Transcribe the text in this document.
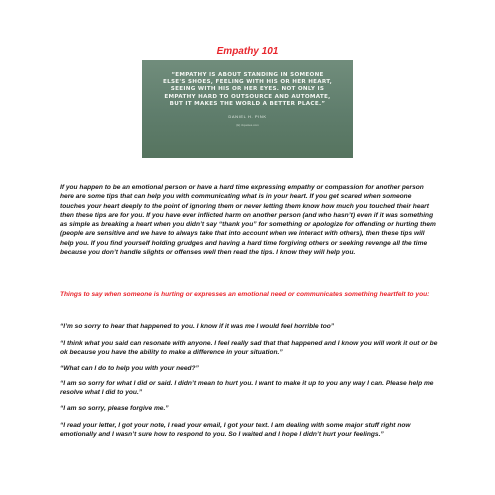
Empathy 101
“EMPATHY IS ABOUT STANDING IN SOMEONE ELSE'S SHOES, FEELING WITH HIS OR HER HEART, SEEING WITH HIS OR HER EYES. NOT ONLY IS EMPATHY HARD TO OUTSOURCE AND AUTOMATE, BUT IT MAKES THE WORLD A BETTER PLACE.”
DANIEL H. PINK
(E) izquotes.com
If you happen to be an emotional person or have a hard time expressing empathy or compassion for another person here are some tips that can help you with communicating what is in your heart. If you get scared when someone touches your heart deeply to the point of ignoring them or never letting them know how much you touched their heart then these tips are for you. If you have ever inflicted harm on another person (and who hasn’t) even if it was something as simple as breaking a heart when you didn’t say “thank you” for something or apologize for offending or hurting them (people are sensitive and we have to always take that into account when we interact with others), then these tips will help you. If you find yourself holding grudges and having a hard time forgiving others or seeking revenge all the time because you don’t handle slights or offenses well then read the tips. I know they will help you.
Things to say when someone is hurting or expresses an emotional need or communicates something heartfelt to you:
“I’m so sorry to hear that happened to you. I know if it was me I would feel horrible too”
“I think what you said can resonate with anyone. I feel really sad that that happened and I know you will work it out or be ok because you have the ability to make a difference in your situation.”
“What can I do to help you with your need?”
“I am so sorry for what I did or said. I didn’t mean to hurt you. I want to make it up to you any way I can. Please help me resolve what I did to you.”
“I am so sorry, please forgive me.”
“I read your letter, I got your note, I read your email, I got your text. I am dealing with some major stuff right now emotionally and I wasn’t sure how to respond to you. So I waited and I hope I didn’t hurt your feelings.”
